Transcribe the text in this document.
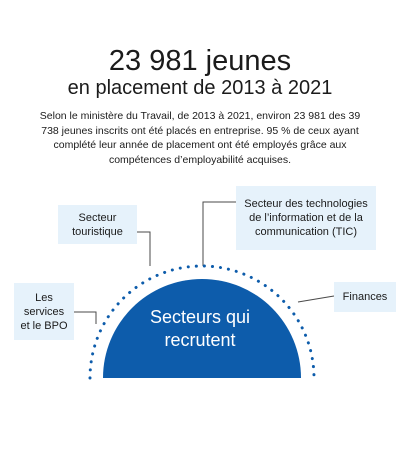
23 981 jeunes
en placement de 2013 à 2021
Selon le ministère du Travail, de 2013 à 2021, environ 23 981 des 39 738 jeunes inscrits ont été placés en entreprise. 95 % de ceux ayant complété leur année de placement ont été employés grâce aux compétences d’employabilité acquises.
Secteur touristique
Secteur des technologies de l’information et de la communication (TIC)
Les services et le BPO
Finances
Secteurs qui recrutent
